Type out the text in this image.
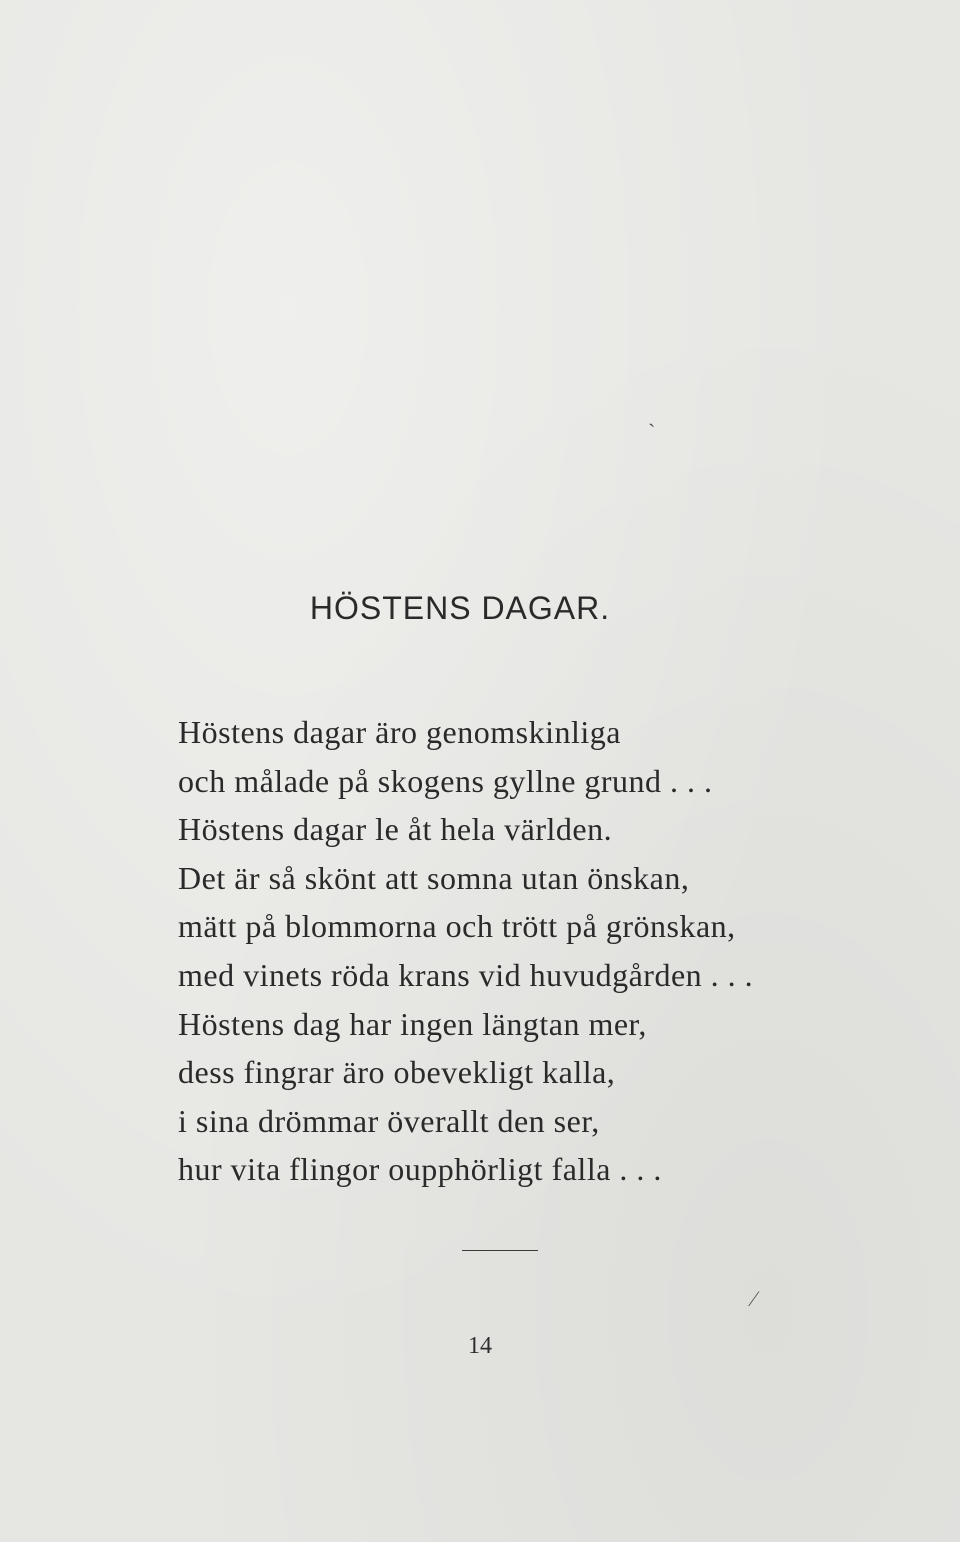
ˏ
⁄
HÖSTENS DAGAR.
Höstens dagar äro genomskinliga
och målade på skogens gyllne grund . . .
Höstens dagar le åt hela världen.
Det är så skönt att somna utan önskan,
mätt på blommorna och trött på grönskan,
med vinets röda krans vid huvudgården . . .
Höstens dag har ingen längtan mer,
dess fingrar äro obevekligt kalla,
i sina drömmar överallt den ser,
hur vita flingor oupphörligt falla . . .
14
